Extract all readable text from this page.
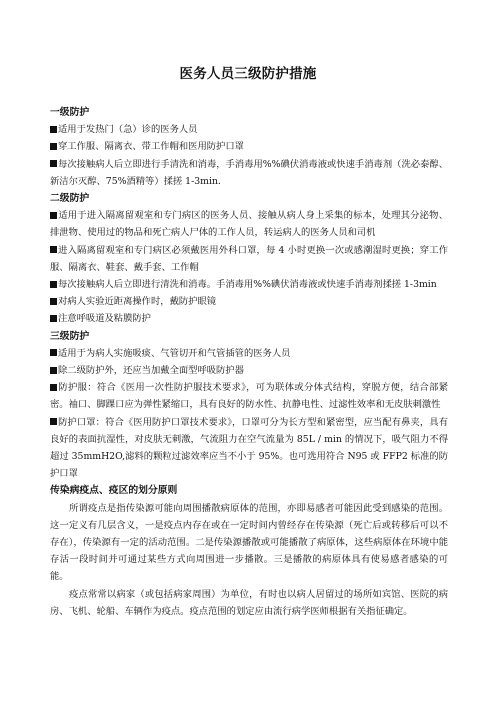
医务人员三级防护措施

一级防护

适用于发热门（急）诊的医务人员

穿工作服、隔离衣、带工作帽和医用防护口罩

每次接触病人后立即进行手清洗和消毒，手消毒用%%碘伏消毒液或快速手消毒剂（洗必泰醇、新洁尔灭醇、75%酒精等）揉搓 1-3min.

二级防护

适用于进入隔离留观室和专门病区的医务人员、接触从病人身上采集的标本，处理其分泌物、排泄物、使用过的物品和死亡病人尸体的工作人员，转运病人的医务人员和司机

进入隔离留观室和专门病区必须戴医用外科口罩，每 4 小时更换一次或感潮湿时更换；穿工作服、隔离衣、鞋套、戴手套、工作帽

每次接触病人后立即进行清洗和消毒。手消毒用%%碘伏消毒液或快速手消毒剂揉搓 1-3min

对病人实验近距离操作时，戴防护眼镜

注意呼吸道及粘膜防护

三级防护

适用于为病人实施吸痰、气管切开和气管插管的医务人员

除二级防护外，还应当加戴全面型呼吸防护器

防护服：符合《医用一次性防护服技术要求》，可为联体或分体式结构，穿脱方便，结合部紧密。袖口、脚踝口应为弹性紧缩口，具有良好的防水性、抗静电性、过滤性效率和无皮肤刺激性

防护口罩：符合《医用防护口罩技术要求》，口罩可分为长方型和紧密型，应当配有鼻夹，具有良好的表面抗湿性，对皮肤无刺激，气流阻力在空气流量为 85L / min 的情况下，吸气阻力不得超过 35mmH2O,滤料的颗粒过滤效率应当不小于 95%。也可选用符合 N95 或 FFP2 标准的防护口罩

传染病疫点、疫区的划分原则

所谓疫点是指传染源可能向周围播散病原体的范围，亦即易感者可能因此受到感染的范围。这一定义有几层含义，一是疫点内存在或在一定时间内曾经存在传染源（死亡后或转移后可以不存在），传染源有一定的活动范围。二是传染源播散或可能播散了病原体，这些病原体在环境中能存活一段时间并可通过某些方式向周围进一步播散。三是播散的病原体具有使易感者感染的可能。

疫点常常以病家（或包括病家周围）为单位，有时也以病人居留过的场所如宾馆、医院的病房、飞机、轮船、车辆作为疫点。疫点范围的划定应由流行病学医师根据有关指征确定。
